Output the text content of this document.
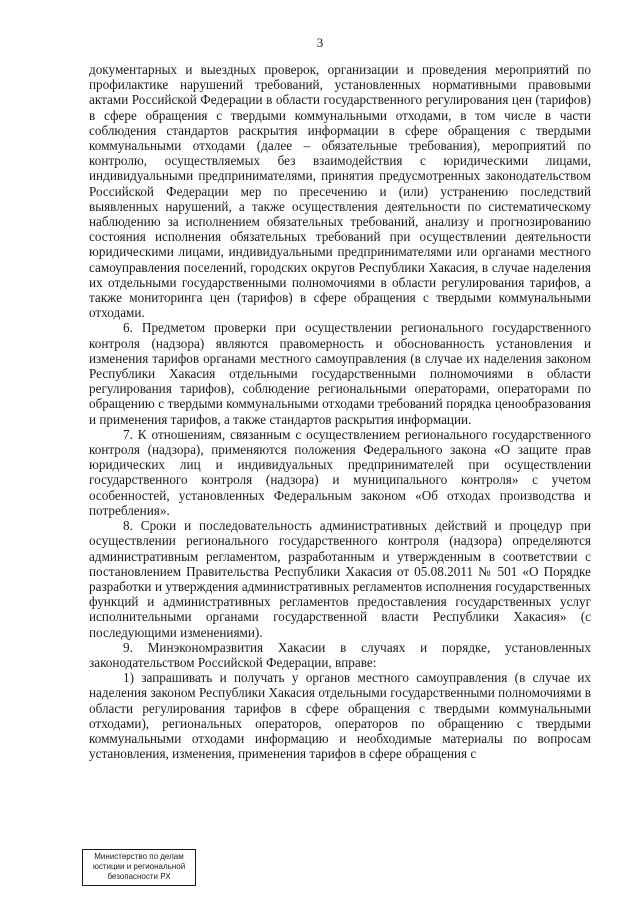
3

документарных и выездных проверок, организации и проведения мероприятий по профилактике нарушений требований, установленных нормативными правовыми актами Российской Федерации в области государственного регулирования цен (тарифов) в сфере обращения с твердыми коммунальными отходами, в том числе в части соблюдения стандартов раскрытия информации в сфере обращения с твердыми коммунальными отходами (далее – обязательные требования), мероприятий по контролю, осуществляемых без взаимодействия с юридическими лицами, индивидуальными предпринимателями, принятия предусмотренных законодательством Российской Федерации мер по пресечению и (или) устранению последствий выявленных нарушений, а также осуществления деятельности по систематическому наблюдению за исполнением обязательных требований, анализу и прогнозированию состояния исполнения обязательных требований при осуществлении деятельности юридическими лицами, индивидуальными предпринимателями или органами местного самоуправления поселений, городских округов Республики Хакасия, в случае наделения их отдельными государственными полномочиями в области регулирования тарифов, а также мониторинга цен (тарифов) в сфере обращения с твердыми коммунальными отходами.

6. Предметом проверки при осуществлении регионального государственного контроля (надзора) являются правомерность и обоснованность установления и изменения тарифов органами местного самоуправления (в случае их наделения законом Республики Хакасия отдельными государственными полномочиями в области регулирования тарифов), соблюдение региональными операторами, операторами по обращению с твердыми коммунальными отходами требований порядка ценообразования и применения тарифов, а также стандартов раскрытия информации.

7. К отношениям, связанным с осуществлением регионального государственного контроля (надзора), применяются положения Федерального закона «О защите прав юридических лиц и индивидуальных предпринимателей при осуществлении государственного контроля (надзора) и муниципального контроля» с учетом особенностей, установленных Федеральным законом «Об отходах производства и потребления».

8. Сроки и последовательность административных действий и процедур при осуществлении регионального государственного контроля (надзора) определяются административным регламентом, разработанным и утвержденным в соответствии с постановлением Правительства Республики Хакасия от 05.08.2011 № 501 «О Порядке разработки и утверждения административных регламентов исполнения государственных функций и административных регламентов предоставления государственных услуг исполнительными органами государственной власти Республики Хакасия» (с последующими изменениями).

9. Минэкономразвития Хакасии в случаях и порядке, установленных законодательством Российской Федерации, вправе:

1) запрашивать и получать у органов местного самоуправления (в случае их наделения законом Республики Хакасия отдельными государственными полномочиями в области регулирования тарифов в сфере обращения с твердыми коммунальными отходами), региональных операторов, операторов по обращению с твердыми коммунальными отходами информацию и необходимые материалы по вопросам установления, изменения, применения тарифов в сфере обращения с

Министерство по делам
юстиции и региональной
безопасности РХ
